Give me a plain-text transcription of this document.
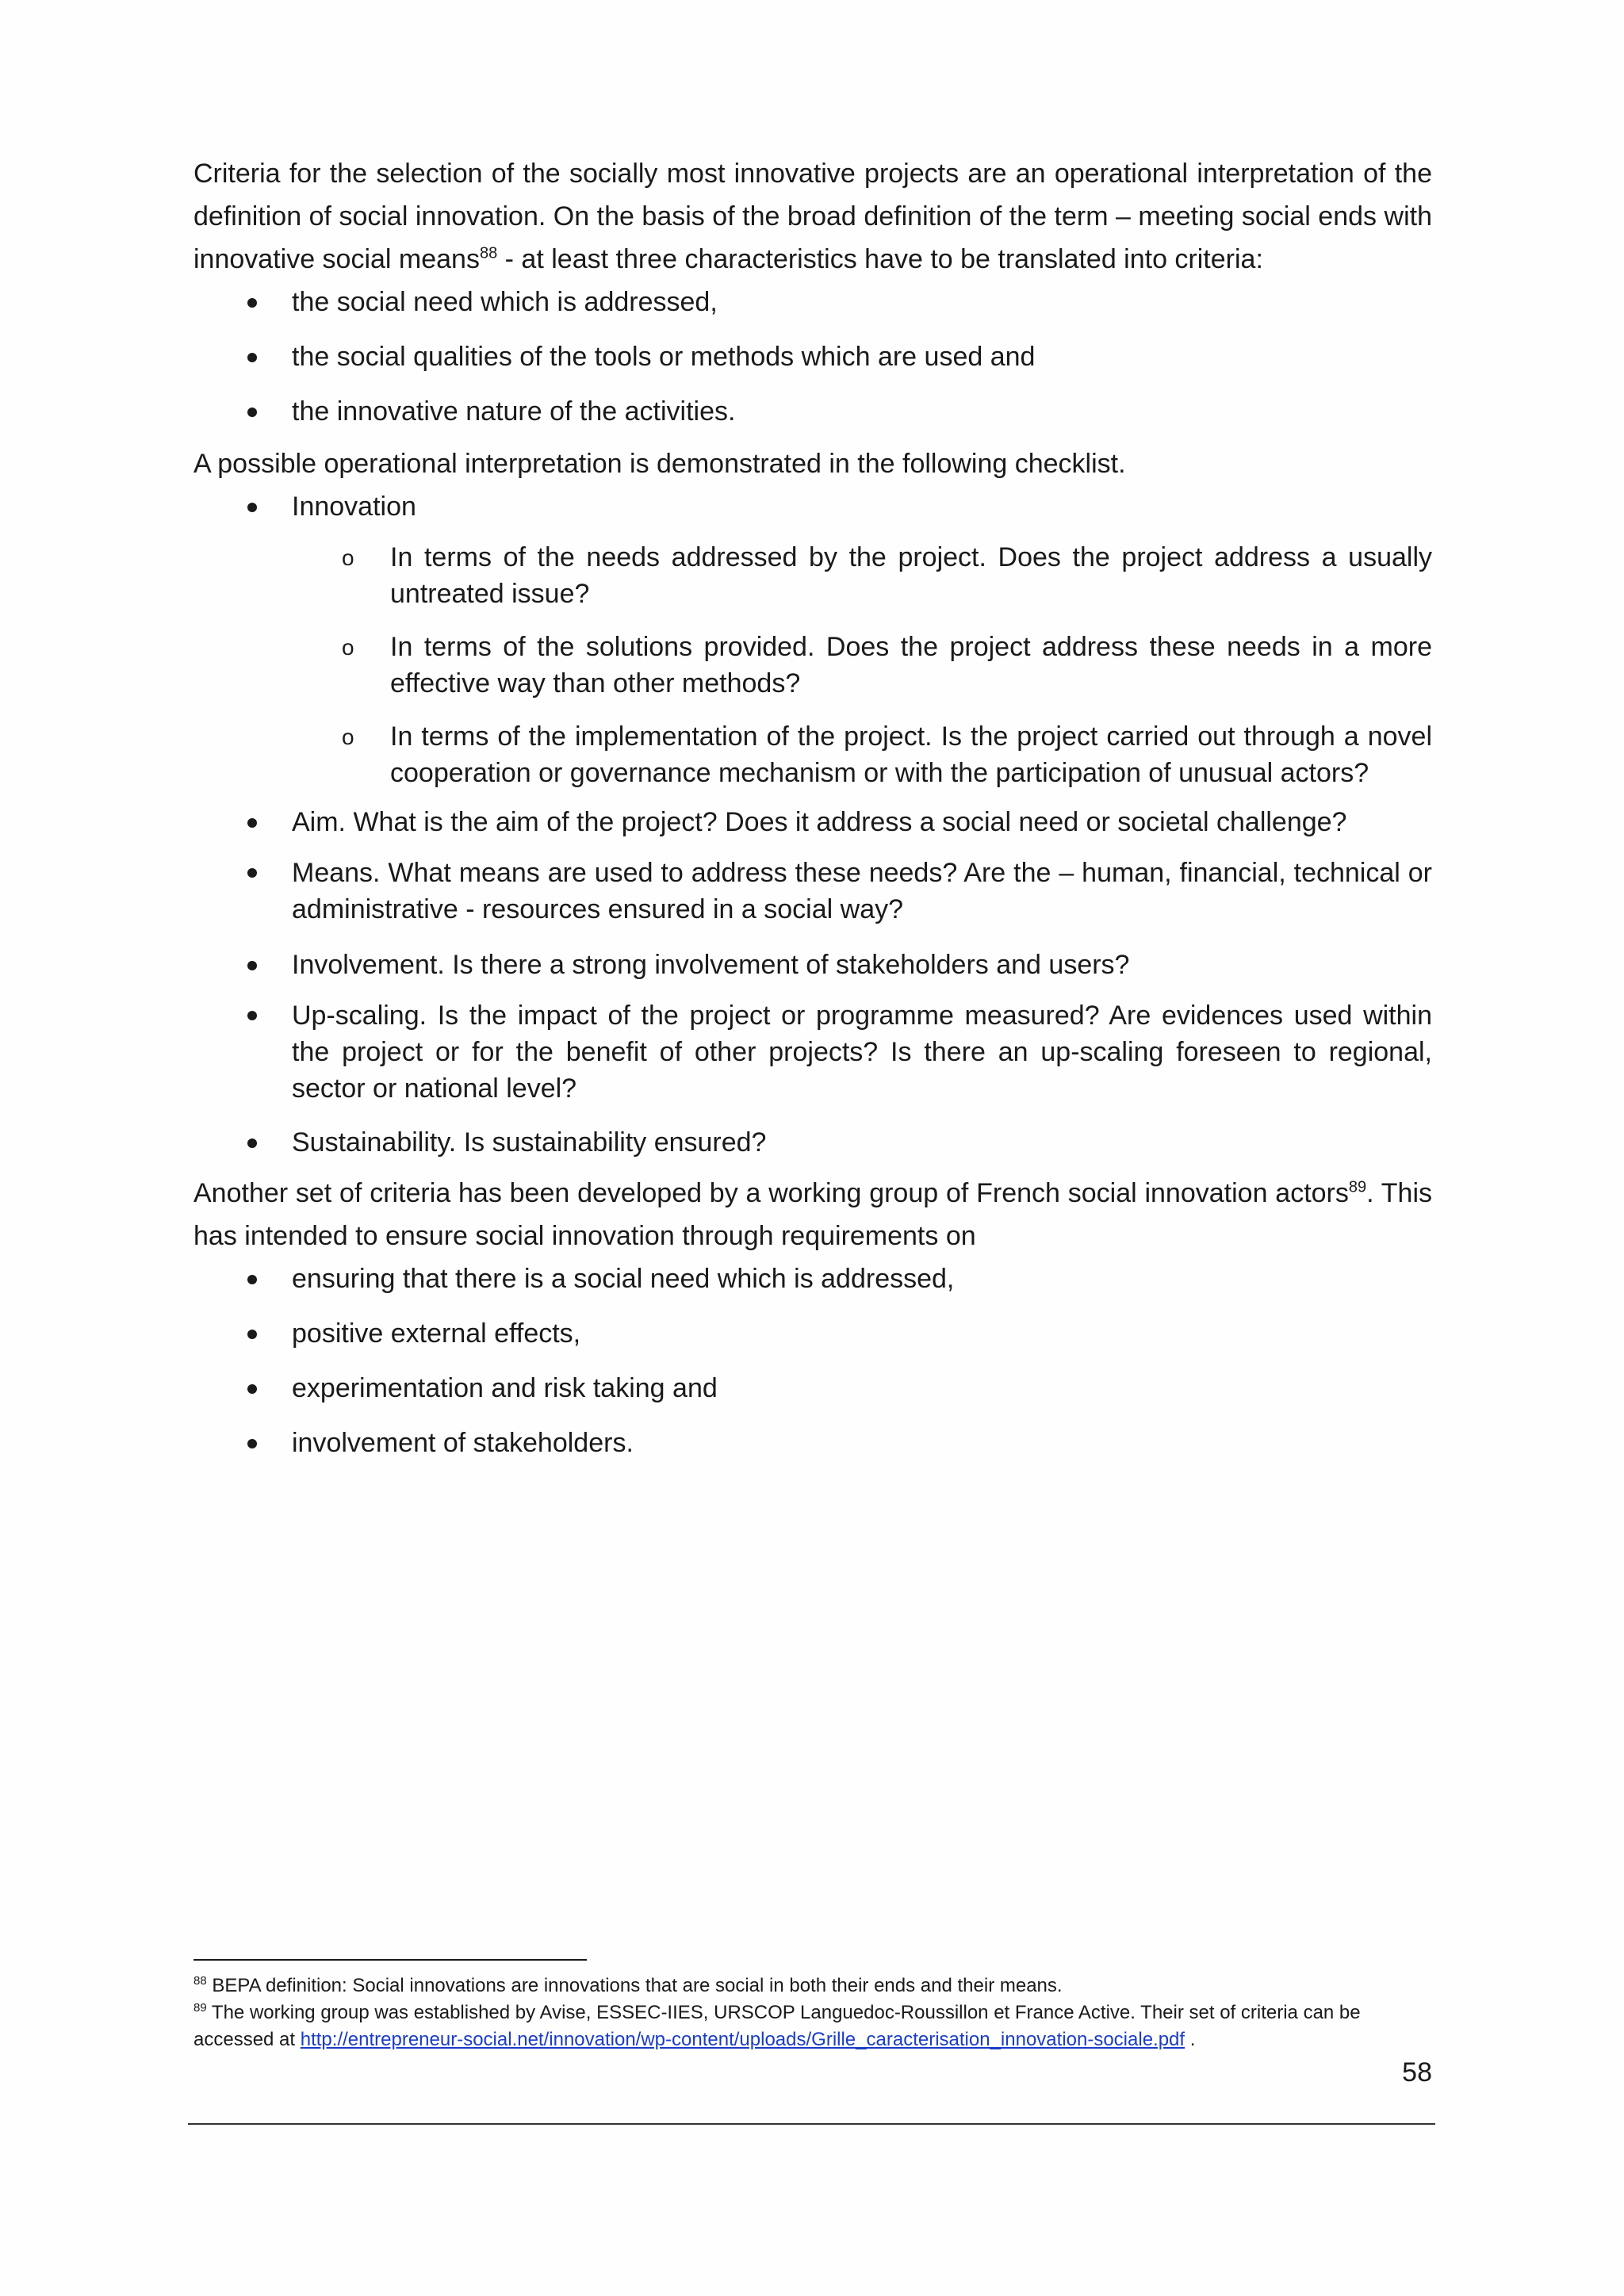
Criteria for the selection of the socially most innovative projects are an operational interpretation of the definition of social innovation. On the basis of the broad definition of the term – meeting social ends with innovative social means$^{88}$ - at least three characteristics have to be translated into criteria:

the social need which is addressed,
the social qualities of the tools or methods which are used and
the innovative nature of the activities.

A possible operational interpretation is demonstrated in the following checklist.

Innovation
o In terms of the needs addressed by the project. Does the project address a usually untreated issue?
o In terms of the solutions provided. Does the project address these needs in a more effective way than other methods?
o In terms of the implementation of the project. Is the project carried out through a novel cooperation or governance mechanism or with the participation of unusual actors?
Aim. What is the aim of the project? Does it address a social need or societal challenge?
Means. What means are used to address these needs? Are the – human, financial, technical or administrative - resources ensured in a social way?
Involvement. Is there a strong involvement of stakeholders and users?
Up-scaling. Is the impact of the project or programme measured? Are evidences used within the project or for the benefit of other projects? Is there an up-scaling foreseen to regional, sector or national level?
Sustainability. Is sustainability ensured?

Another set of criteria has been developed by a working group of French social innovation actors$^{89}$. This has intended to ensure social innovation through requirements on

ensuring that there is a social need which is addressed,
positive external effects,
experimentation and risk taking and
involvement of stakeholders.
$^{88}$ BEPA definition: Social innovations are innovations that are social in both their ends and their means.
$^{89}$ The working group was established by Avise, ESSEC-IIES, URSCOP Languedoc-Roussillon et France Active. Their set of criteria can be accessed at http://entrepreneur-social.net/innovation/wp-content/uploads/Grille_caracterisation_innovation-sociale.pdf .
58
